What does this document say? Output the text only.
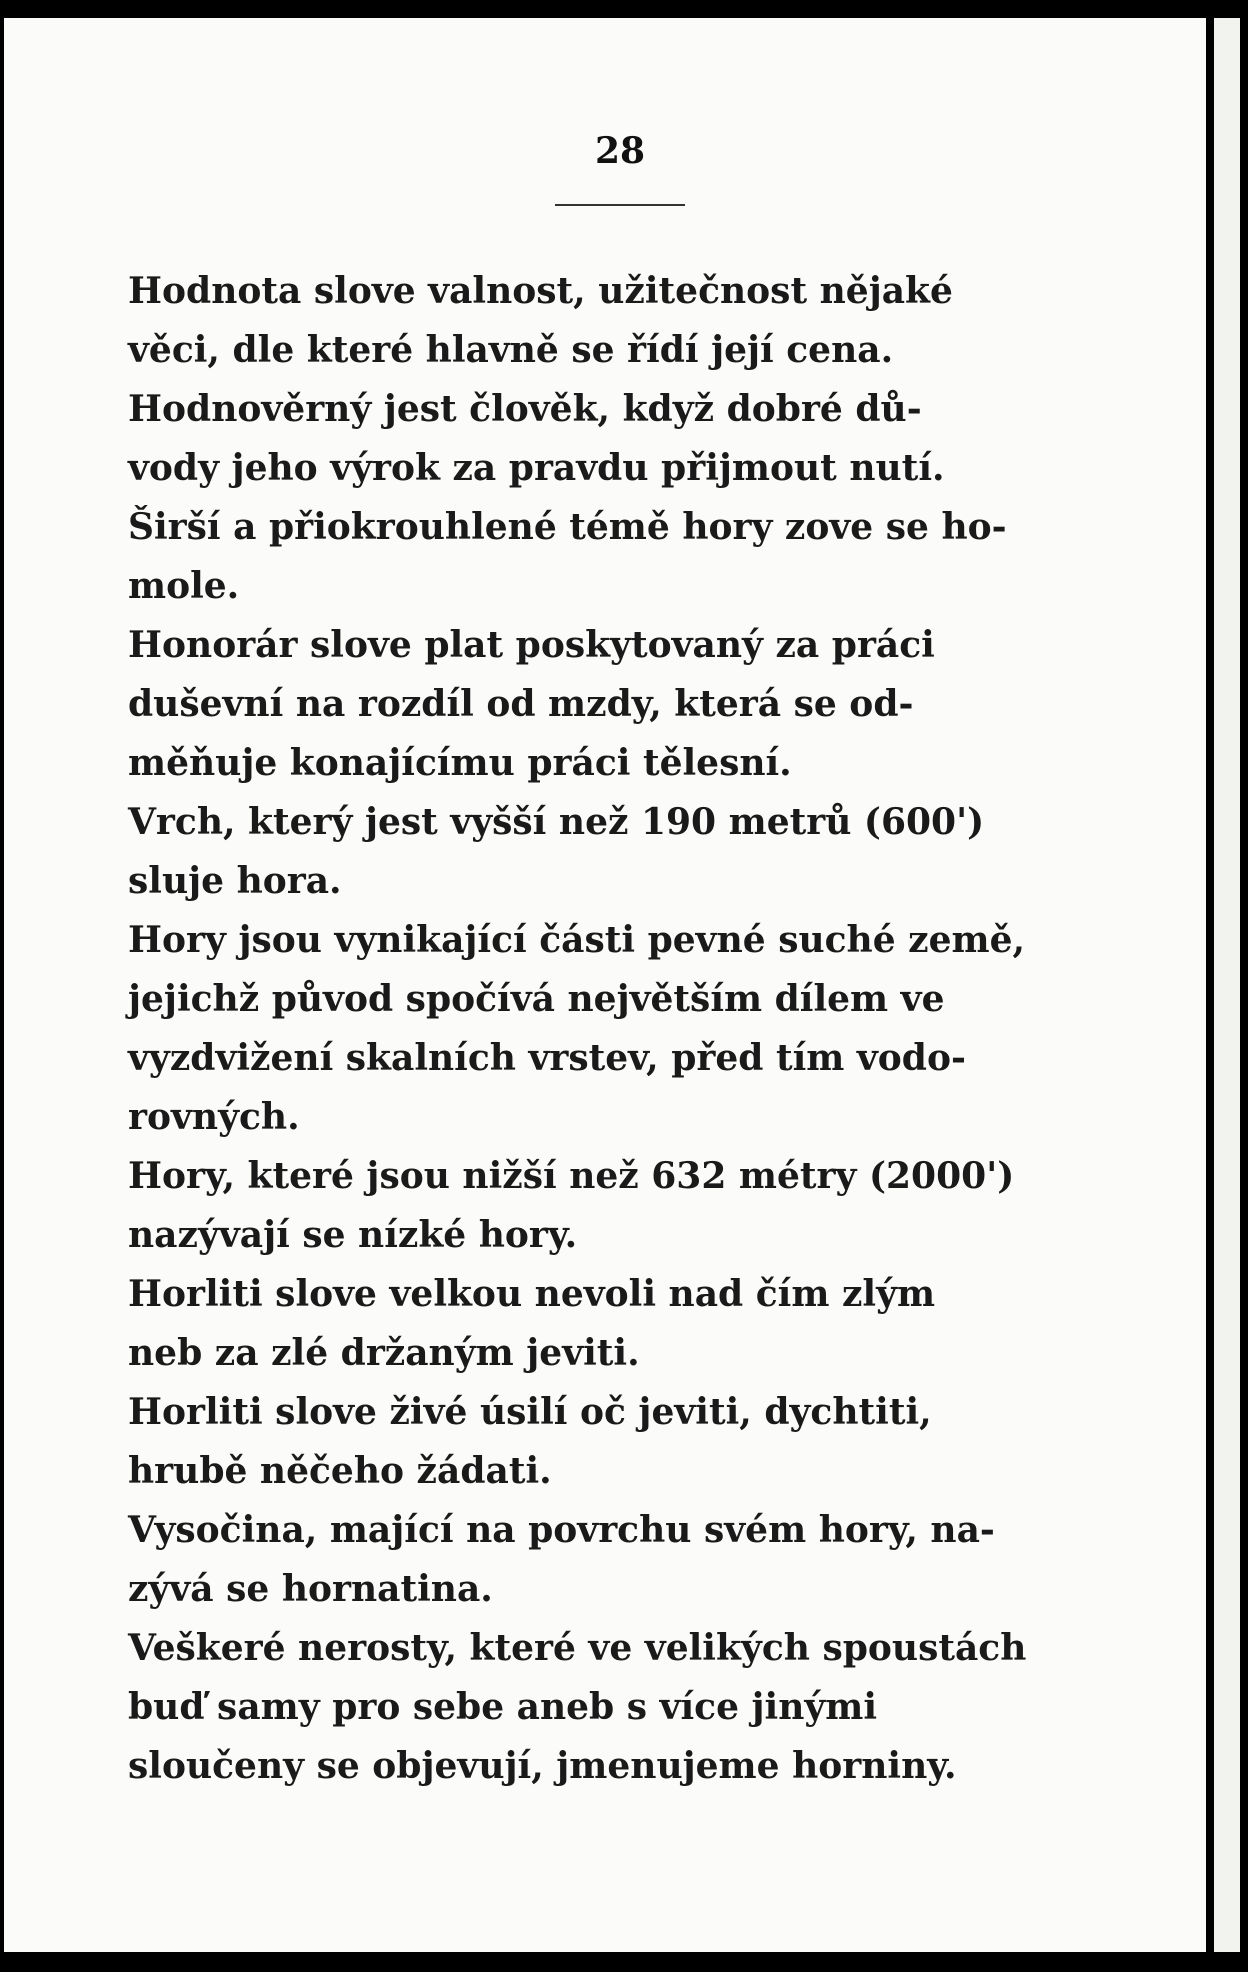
28

Hodnota slove valnost, užitečnost nějaké
věci, dle které hlavně se řídí její cena.

Hodnověrný jest člověk, když dobré dů-
vody jeho výrok za pravdu přijmout nutí.

Širší a přiokrouhlené témě hory zove se ho-
mole.

Honorár slove plat poskytovaný za práci
duševní na rozdíl od mzdy, která se od-
měňuje konajícímu práci tělesní.

Vrch, který jest vyšší než 190 metrů (600')
sluje hora.

Hory jsou vynikající části pevné suché země,
jejichž původ spočívá největším dílem ve
vyzdvižení skalních vrstev, před tím vodo-
rovných.

Hory, které jsou nižší než 632 métry (2000')
nazývají se nízké hory.

Horliti slove velkou nevoli nad čím zlým
neb za zlé držaným jeviti.

Horliti slove živé úsilí oč jeviti, dychtiti,
hrubě něčeho žádati.

Vysočina, mající na povrchu svém hory, na-
zývá se hornatina.

Veškeré nerosty, které ve velikých spoustách
buď samy pro sebe aneb s více jinými
sloučeny se objevují, jmenujeme horniny.
